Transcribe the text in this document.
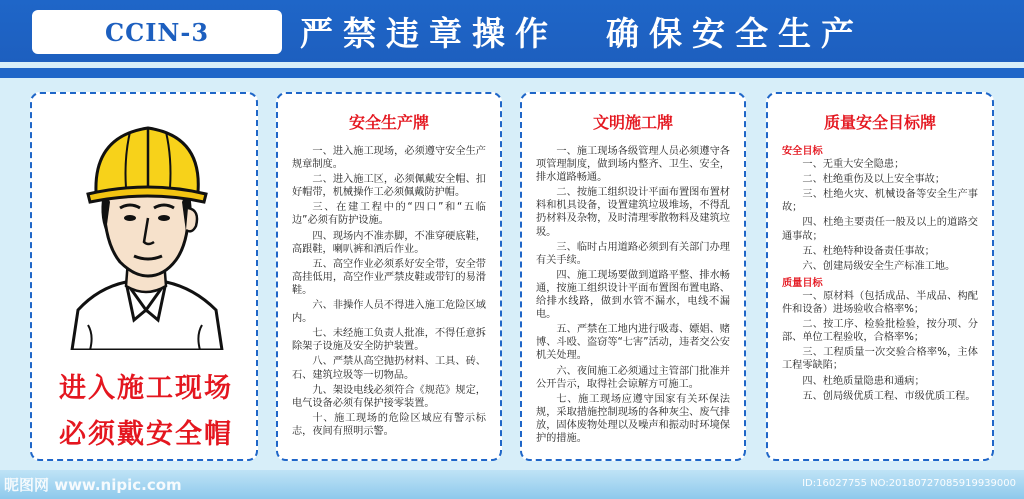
CCIN-3	严禁违章操作 确保安全生产
进入施工现场
必须戴安全帽
安全生产牌

一、进入施工现场，必须遵守安全生产规章制度。

二、进入施工区，必须佩戴安全帽、扣好帽带，机械操作工必须佩戴防护帽。

三、在建工程中的“四口”和“五临边”必须有防护设施。

四、现场内不准赤脚，不准穿硬底鞋，高跟鞋，喇叭裤和酒后作业。

五、高空作业必须系好安全带，安全带高挂低用，高空作业严禁皮鞋或带钉的易滑鞋。

六、非操作人员不得进入施工危险区域内。

七、未经施工负责人批准，不得任意拆除架子设施及安全防护装置。

八、严禁从高空抛扔材料、工具、砖、石、建筑垃圾等一切物品。

九、架设电线必须符合《规范》规定，电气设备必须有保护接零装置。

十、施工现场的危险区域应有警示标志，夜间有照明示警。

文明施工牌

一、施工现场各级管理人员必须遵守各项管理制度，做到场内整齐、卫生、安全，排水道路畅通。

二、按施工组织设计平面布置图布置材料和机具设备，设置建筑垃圾堆场，不得乱扔材料及杂物，及时清理零散物料及建筑垃圾。

三、临时占用道路必须到有关部门办理有关手续。

四、施工现场要做到道路平整、排水畅通，按施工组织设计平面布置图布置电路、给排水线路，做到水管不漏水，电线不漏电。

五、严禁在工地内进行吸毒、嫖娼、赌博、斗殴、盗窃等“七害”活动，违者交公安机关处理。

六、夜间施工必须通过主管部门批准并公开告示，取得社会谅解方可施工。

七、施工现场应遵守国家有关环保法规，采取措施控制现场的各种灰尘、废气排放，固体废物处理以及噪声和振动时环境保护的措施。

质量安全目标牌
安全目标

一、无重大安全隐患；

二、杜绝重伤及以上安全事故；

三、杜绝火灾、机械设备等安全生产事故；

四、杜绝主要责任一般及以上的道路交通事故；

五、杜绝特种设备责任事故；

六、创建局级安全生产标准工地。

质量目标

一、原材料（包括成品、半成品、构配件和设备）进场验收合格率%；

二、按工序、检验批检验，按分项、分部、单位工程验收，合格率%；

三、工程质量一次交验合格率%，主体工程零缺陷；

四、杜绝质量隐患和通病；

五、创局级优质工程、市级优质工程。

昵图网 www.nipic.com	ID:16027755 NO:20180727085919939000
